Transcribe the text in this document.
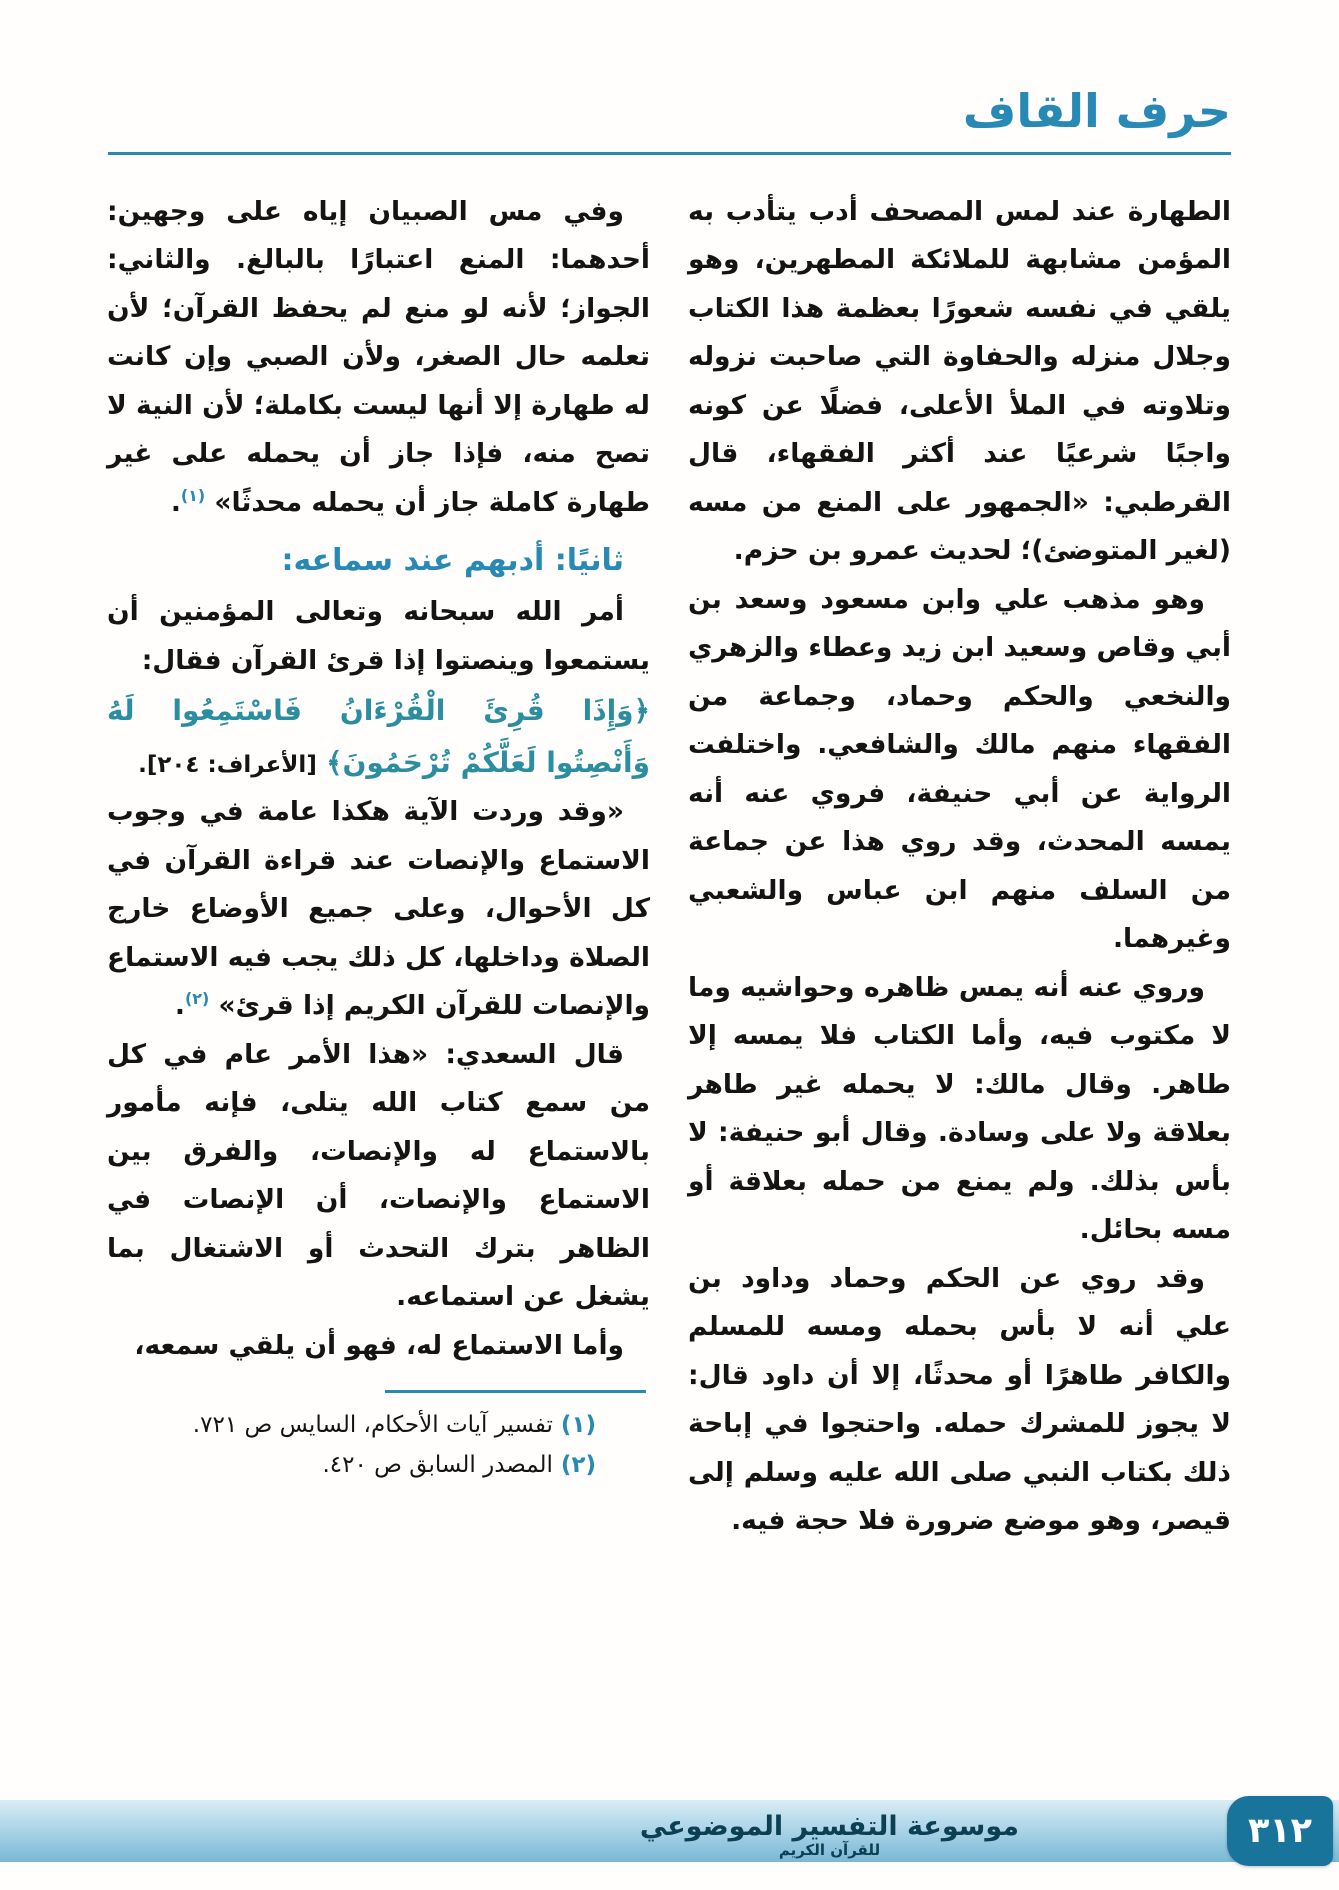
حرف القاف

الطهارة عند لمس المصحف أدب يتأدب به المؤمن مشابهة للملائكة المطهرين، وهو يلقي في نفسه شعورًا بعظمة هذا الكتاب وجلال منزله والحفاوة التي صاحبت نزوله وتلاوته في الملأ الأعلى، فضلًا عن كونه واجبًا شرعيًا عند أكثر الفقهاء، قال القرطبي: «الجمهور على المنع من مسه (لغير المتوضئ)؛ لحديث عمرو بن حزم.

وهو مذهب علي وابن مسعود وسعد بن أبي وقاص وسعيد ابن زيد وعطاء والزهري والنخعي والحكم وحماد، وجماعة من الفقهاء منهم مالك والشافعي. واختلفت الرواية عن أبي حنيفة، فروي عنه أنه يمسه المحدث، وقد روي هذا عن جماعة من السلف منهم ابن عباس والشعبي وغيرهما.

وروي عنه أنه يمس ظاهره وحواشيه وما لا مكتوب فيه، وأما الكتاب فلا يمسه إلا طاهر. وقال مالك: لا يحمله غير طاهر بعلاقة ولا على وسادة. وقال أبو حنيفة: لا بأس بذلك. ولم يمنع من حمله بعلاقة أو مسه بحائل.

وقد روي عن الحكم وحماد وداود بن علي أنه لا بأس بحمله ومسه للمسلم والكافر طاهرًا أو محدثًا، إلا أن داود قال: لا يجوز للمشرك حمله. واحتجوا في إباحة ذلك بكتاب النبي صلى الله عليه وسلم إلى قيصر، وهو موضع ضرورة فلا حجة فيه.

وفي مس الصبيان إياه على وجهين: أحدهما: المنع اعتبارًا بالبالغ. والثاني: الجواز؛ لأنه لو منع لم يحفظ القرآن؛ لأن تعلمه حال الصغر، ولأن الصبي وإن كانت له طهارة إلا أنها ليست بكاملة؛ لأن النية لا تصح منه، فإذا جاز أن يحمله على غير طهارة كاملة جاز أن يحمله محدثًا» $^{(١)}$.

ثانيًا: أدبهم عند سماعه:

أمر الله سبحانه وتعالى المؤمنين أن يستمعوا وينصتوا إذا قرئ القرآن فقال:

﴿وَإِذَا قُرِئَ الْقُرْءَانُ فَاسْتَمِعُوا لَهُ وَأَنْصِتُوا لَعَلَّكُمْ تُرْحَمُونَ﴾ [الأعراف: ٢٠٤].

«وقد وردت الآية هكذا عامة في وجوب الاستماع والإنصات عند قراءة القرآن في كل الأحوال، وعلى جميع الأوضاع خارج الصلاة وداخلها، كل ذلك يجب فيه الاستماع والإنصات للقرآن الكريم إذا قرئ» $^{(٢)}$.

قال السعدي: «هذا الأمر عام في كل من سمع كتاب الله يتلى، فإنه مأمور بالاستماع له والإنصات، والفرق بين الاستماع والإنصات، أن الإنصات في الظاهر بترك التحدث أو الاشتغال بما يشغل عن استماعه.

وأما الاستماع له، فهو أن يلقي سمعه،

(١)تفسير آيات الأحكام، السايس ص ٧٢١.
(٢)المصدر السابق ص ٤٢٠.
موسوعة التفسير الموضوعي
للقرآن الكريم	٣١٢
